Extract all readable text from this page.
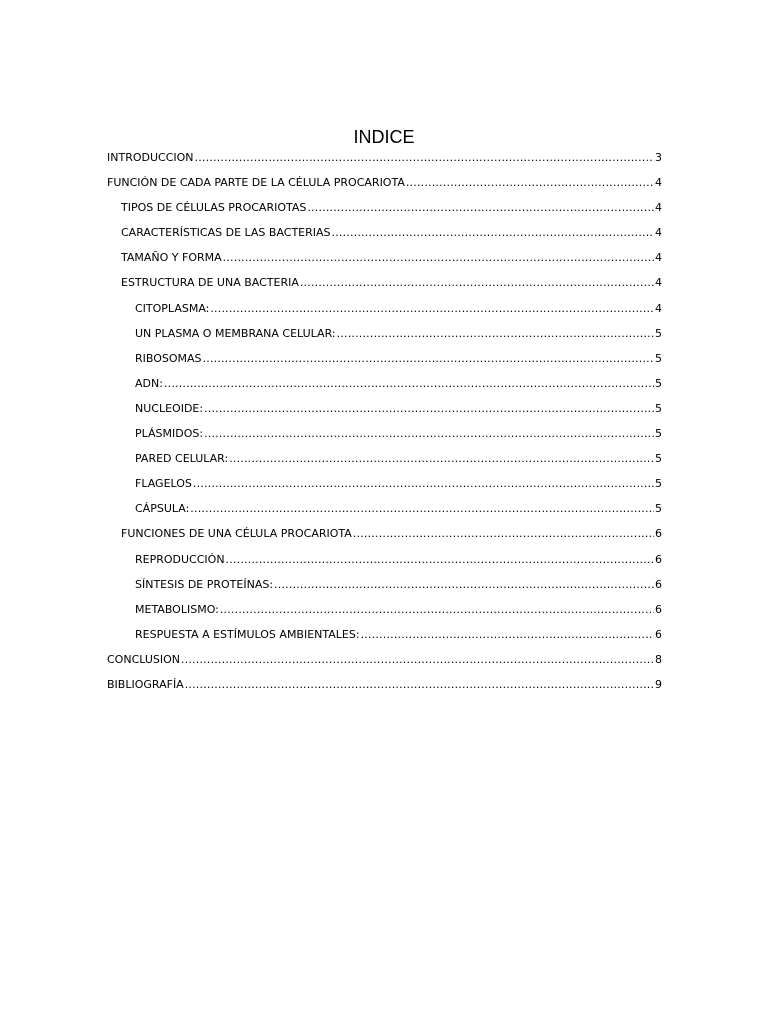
INDICE
INTRODUCCION .....	3
FUNCIÓN DE CADA PARTE DE LA CÉLULA PROCARIOTA .....	4
TIPOS DE CÉLULAS PROCARIOTAS .....	4
CARACTERÍSTICAS DE LAS BACTERIAS .....	4
TAMAÑO Y FORMA .....	4
ESTRUCTURA DE UNA BACTERIA .....	4
CITOPLASMA: .....	4
UN PLASMA O MEMBRANA CELULAR: .....	5
RIBOSOMAS .....	5
ADN: .....	5
NUCLEOIDE: .....	5
PLÁSMIDOS: .....	5
PARED CELULAR: .....	5
FLAGELOS .....	5
CÁPSULA: .....	5
FUNCIONES DE UNA CÉLULA PROCARIOTA .....	6
REPRODUCCIÓN .....	6
SÍNTESIS DE PROTEÍNAS: .....	6
METABOLISMO: .....	6
RESPUESTA A ESTÍMULOS AMBIENTALES: .....	6
CONCLUSION .....	8
BIBLIOGRAFÍA .....	9
